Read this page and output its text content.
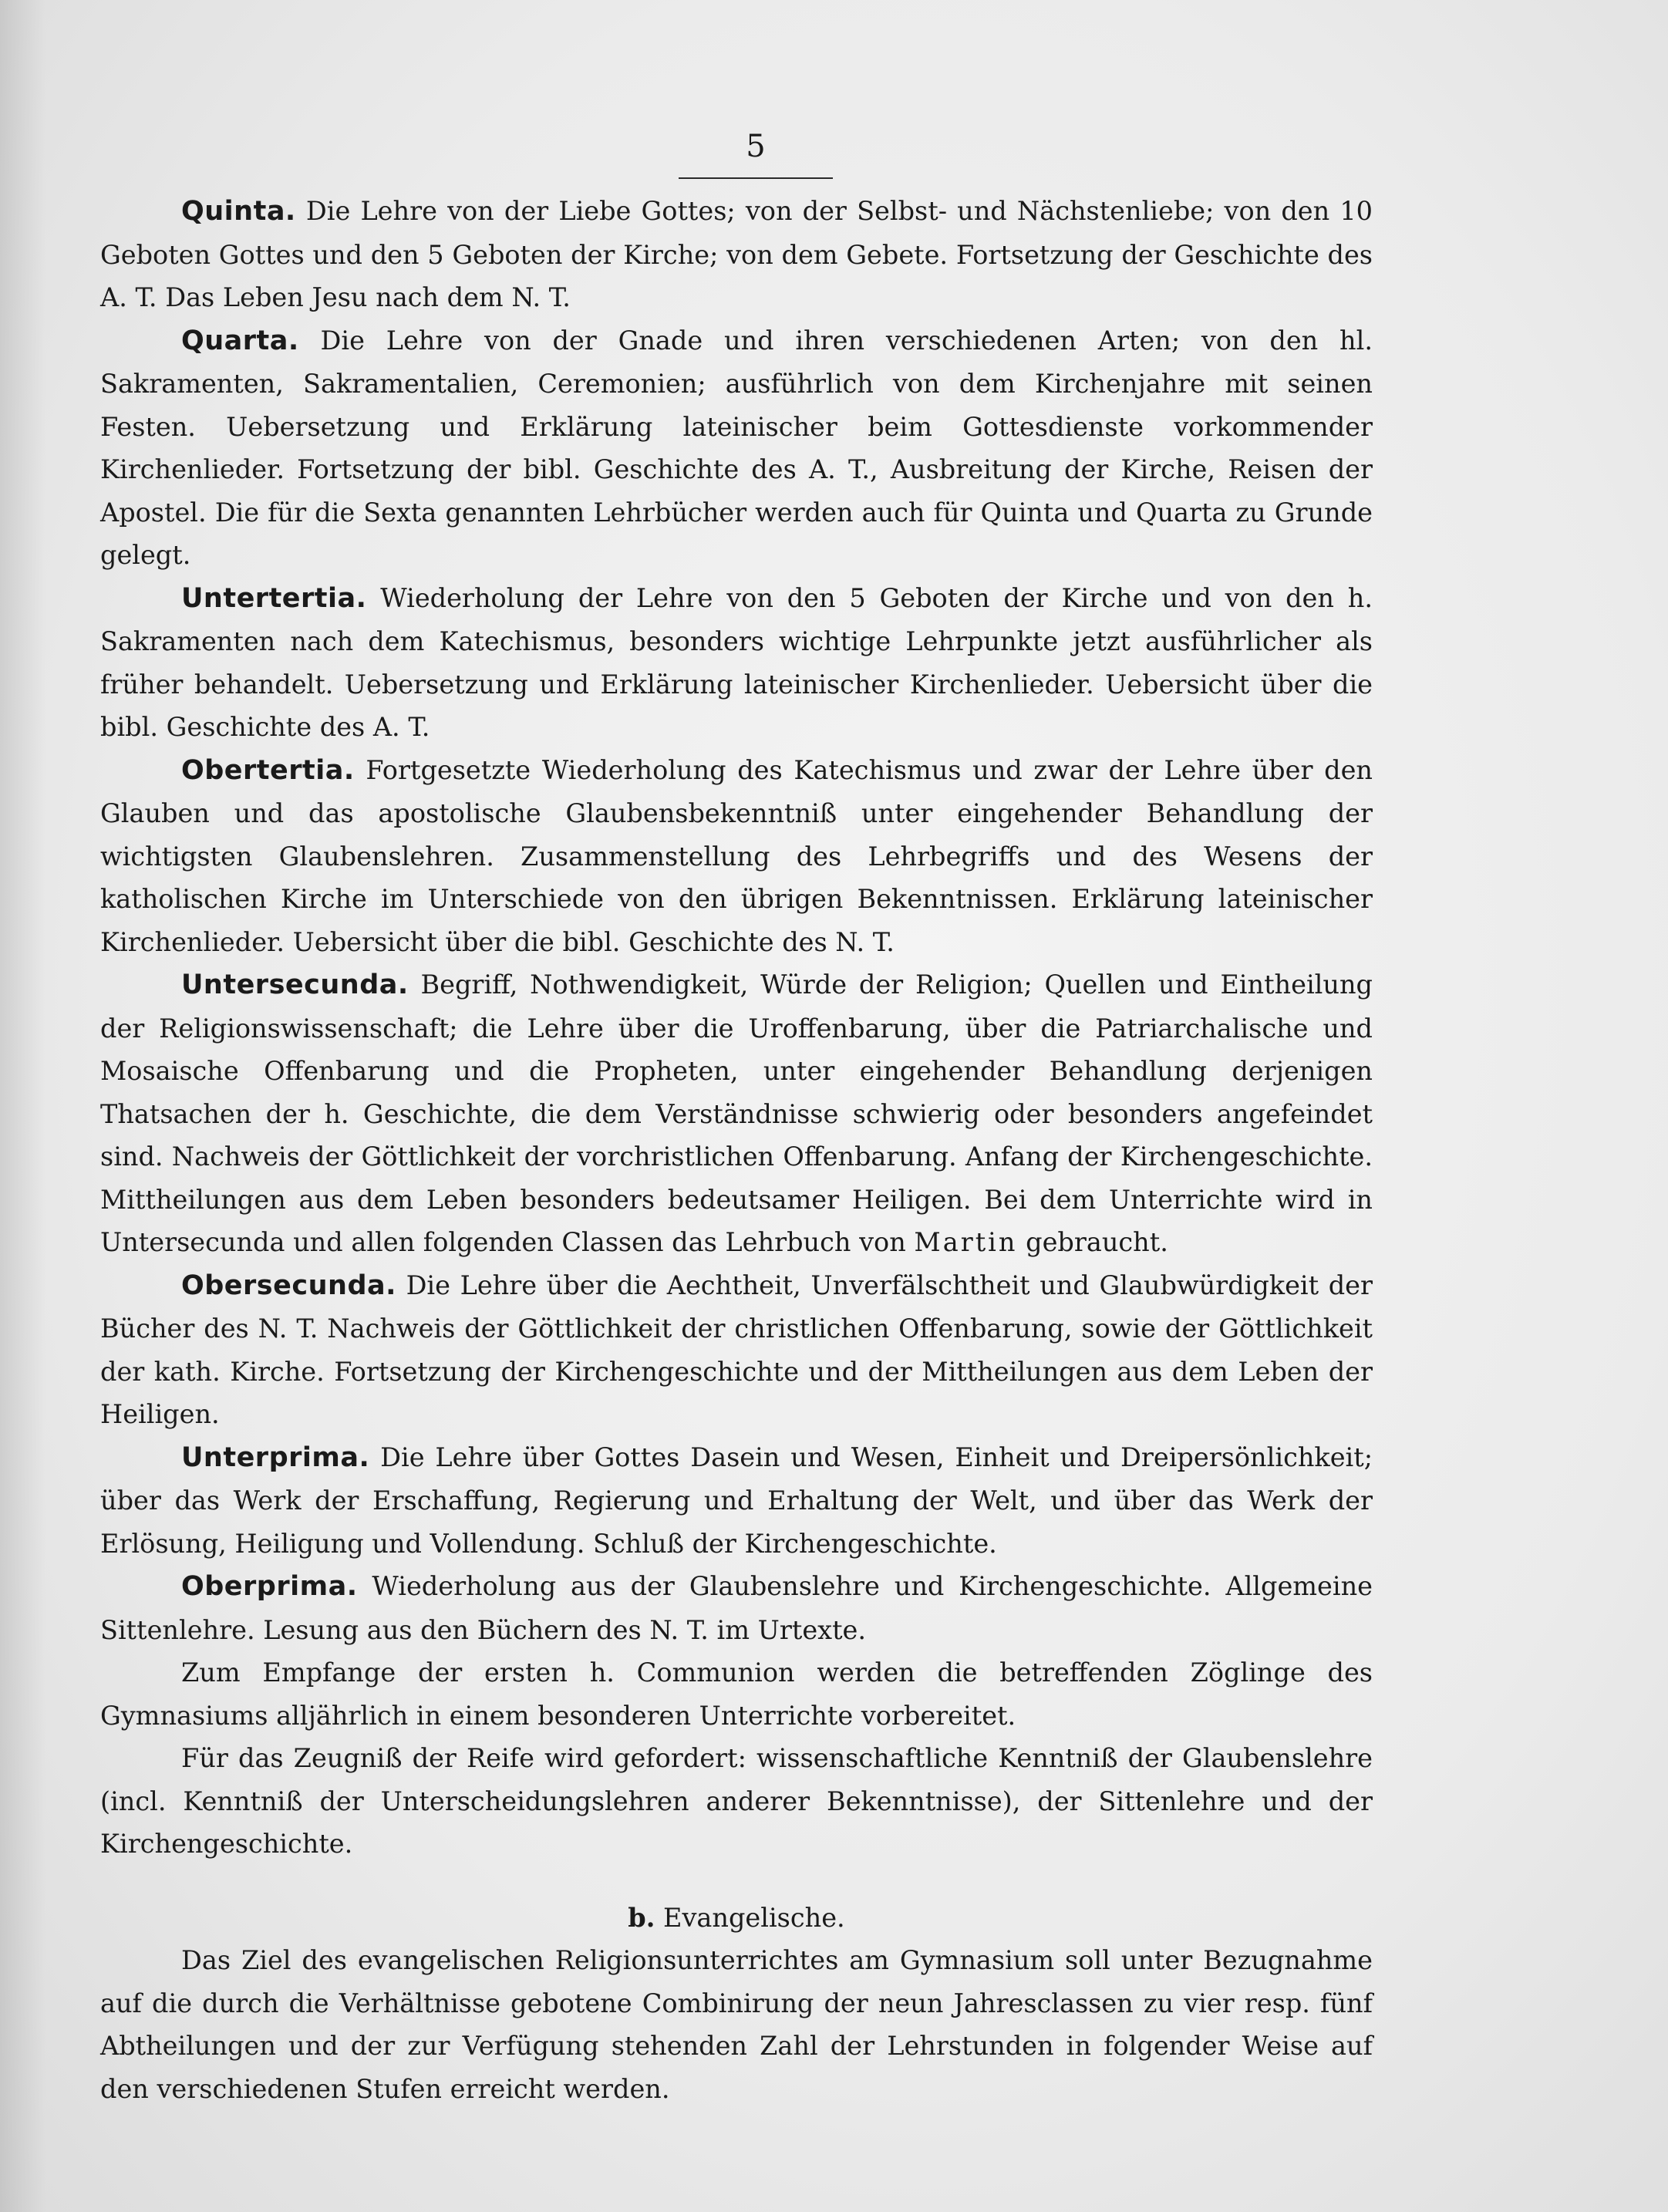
5

Quinta. Die Lehre von der Liebe Gottes; von der Selbst- und Nächstenliebe; von den 10 Geboten Gottes und den 5 Geboten der Kirche; von dem Gebete. Fortsetzung der Geschichte des A. T. Das Leben Jesu nach dem N. T.

Quarta. Die Lehre von der Gnade und ihren verschiedenen Arten; von den hl. Sakramenten, Sakramentalien, Ceremonien; ausführlich von dem Kirchenjahre mit seinen Festen. Uebersetzung und Erklärung lateinischer beim Gottesdienste vorkommender Kirchenlieder. Fortsetzung der bibl. Geschichte des A. T., Ausbreitung der Kirche, Reisen der Apostel. Die für die Sexta genannten Lehrbücher werden auch für Quinta und Quarta zu Grunde gelegt.

Untertertia. Wiederholung der Lehre von den 5 Geboten der Kirche und von den h. Sakramenten nach dem Katechismus, besonders wichtige Lehrpunkte jetzt ausführlicher als früher behandelt. Uebersetzung und Erklärung lateinischer Kirchenlieder. Uebersicht über die bibl. Geschichte des A. T.

Obertertia. Fortgesetzte Wiederholung des Katechismus und zwar der Lehre über den Glauben und das apostolische Glaubensbekenntniß unter eingehender Behandlung der wichtigsten Glaubenslehren. Zusammenstellung des Lehrbegriffs und des Wesens der katholischen Kirche im Unterschiede von den übrigen Bekenntnissen. Erklärung lateinischer Kirchenlieder. Uebersicht über die bibl. Geschichte des N. T.

Untersecunda. Begriff, Nothwendigkeit, Würde der Religion; Quellen und Eintheilung der Religionswissenschaft; die Lehre über die Uroffenbarung, über die Patriarchalische und Mosaische Offenbarung und die Propheten, unter eingehender Behandlung derjenigen Thatsachen der h. Geschichte, die dem Verständnisse schwierig oder besonders angefeindet sind. Nachweis der Göttlichkeit der vorchristlichen Offenbarung. Anfang der Kirchengeschichte. Mittheilungen aus dem Leben besonders bedeutsamer Heiligen. Bei dem Unterrichte wird in Untersecunda und allen folgenden Classen das Lehrbuch von Martin gebraucht.

Obersecunda. Die Lehre über die Aechtheit, Unverfälschtheit und Glaubwürdigkeit der Bücher des N. T. Nachweis der Göttlichkeit der christlichen Offenbarung, sowie der Göttlichkeit der kath. Kirche. Fortsetzung der Kirchengeschichte und der Mittheilungen aus dem Leben der Heiligen.

Unterprima. Die Lehre über Gottes Dasein und Wesen, Einheit und Dreipersönlichkeit; über das Werk der Erschaffung, Regierung und Erhaltung der Welt, und über das Werk der Erlösung, Heiligung und Vollendung. Schluß der Kirchengeschichte.

Oberprima. Wiederholung aus der Glaubenslehre und Kirchengeschichte. Allgemeine Sittenlehre. Lesung aus den Büchern des N. T. im Urtexte.

Zum Empfange der ersten h. Communion werden die betreffenden Zöglinge des Gymnasiums alljährlich in einem besonderen Unterrichte vorbereitet.

Für das Zeugniß der Reife wird gefordert: wissenschaftliche Kenntniß der Glaubenslehre (incl. Kenntniß der Unterscheidungslehren anderer Bekenntnisse), der Sittenlehre und der Kirchengeschichte.

b. Evangelische.

Das Ziel des evangelischen Religionsunterrichtes am Gymnasium soll unter Bezugnahme auf die durch die Verhältnisse gebotene Combinirung der neun Jahresclassen zu vier resp. fünf Abtheilungen und der zur Verfügung stehenden Zahl der Lehrstunden in folgender Weise auf den verschiedenen Stufen erreicht werden.
